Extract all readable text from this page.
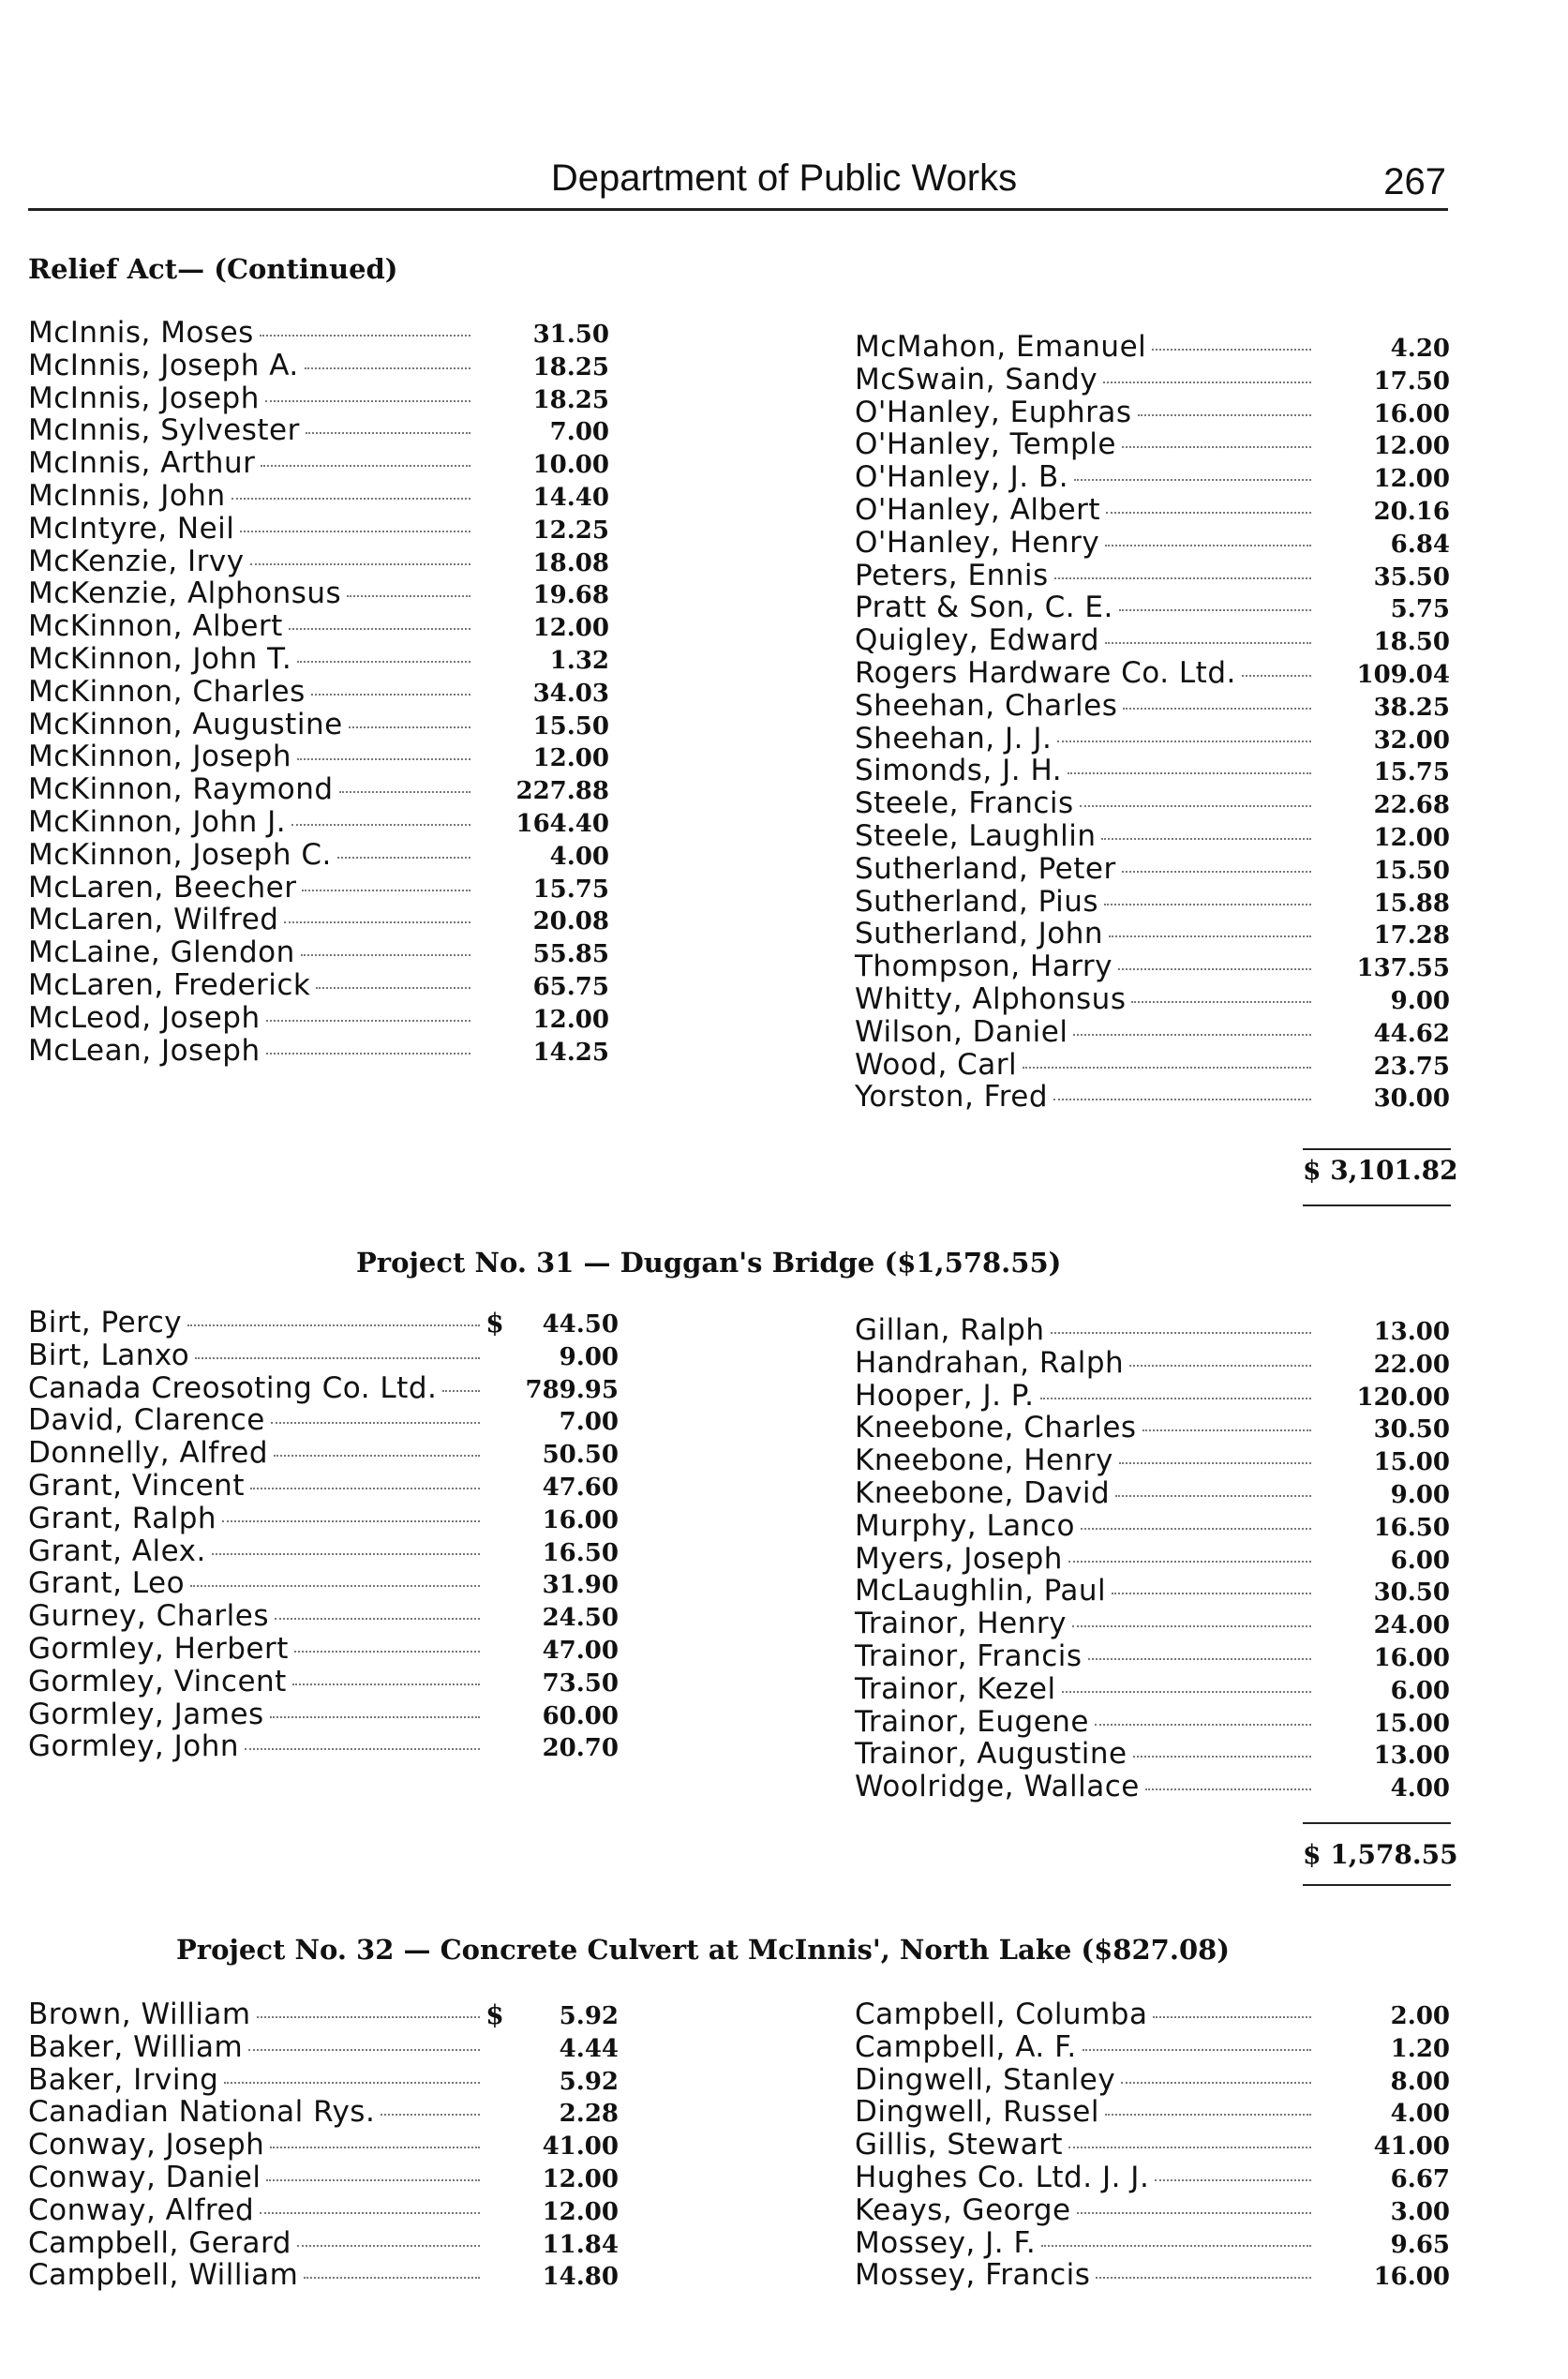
Department of Public Works	267
Relief Act— (Continued)
McInnis, Moses	31.50
McInnis, Joseph A.	18.25
McInnis, Joseph	18.25
McInnis, Sylvester	7.00
McInnis, Arthur	10.00
McInnis, John	14.40
McIntyre, Neil	12.25
McKenzie, Irvy	18.08
McKenzie, Alphonsus	19.68
McKinnon, Albert	12.00
McKinnon, John T.	1.32
McKinnon, Charles	34.03
McKinnon, Augustine	15.50
McKinnon, Joseph	12.00
McKinnon, Raymond	227.88
McKinnon, John J.	164.40
McKinnon, Joseph C.	4.00
McLaren, Beecher	15.75
McLaren, Wilfred	20.08
McLaine, Glendon	55.85
McLaren, Frederick	65.75
McLeod, Joseph	12.00
McLean, Joseph	14.25
McMahon, Emanuel	4.20
McSwain, Sandy	17.50
O'Hanley, Euphras	16.00
O'Hanley, Temple	12.00
O'Hanley, J. B.	12.00
O'Hanley, Albert	20.16
O'Hanley, Henry	6.84
Peters, Ennis	35.50
Pratt & Son, C. E.	5.75
Quigley, Edward	18.50
Rogers Hardware Co. Ltd.	109.04
Sheehan, Charles	38.25
Sheehan, J. J.	32.00
Simonds, J. H.	15.75
Steele, Francis	22.68
Steele, Laughlin	12.00
Sutherland, Peter	15.50
Sutherland, Pius	15.88
Sutherland, John	17.28
Thompson, Harry	137.55
Whitty, Alphonsus	9.00
Wilson, Daniel	44.62
Wood, Carl	23.75
Yorston, Fred	30.00
$ 3,101.82
Project No. 31 — Duggan's Bridge ($1,578.55)
Birt, Percy	$	44.50
Birt, Lanxo	9.00
Canada Creosoting Co. Ltd.	789.95
David, Clarence	7.00
Donnelly, Alfred	50.50
Grant, Vincent	47.60
Grant, Ralph	16.00
Grant, Alex.	16.50
Grant, Leo	31.90
Gurney, Charles	24.50
Gormley, Herbert	47.00
Gormley, Vincent	73.50
Gormley, James	60.00
Gormley, John	20.70
Gillan, Ralph	13.00
Handrahan, Ralph	22.00
Hooper, J. P.	120.00
Kneebone, Charles	30.50
Kneebone, Henry	15.00
Kneebone, David	9.00
Murphy, Lanco	16.50
Myers, Joseph	6.00
McLaughlin, Paul	30.50
Trainor, Henry	24.00
Trainor, Francis	16.00
Trainor, Kezel	6.00
Trainor, Eugene	15.00
Trainor, Augustine	13.00
Woolridge, Wallace	4.00
$ 1,578.55
Project No. 32 — Concrete Culvert at McInnis', North Lake ($827.08)
Brown, William	$	5.92
Baker, William	4.44
Baker, Irving	5.92
Canadian National Rys.	2.28
Conway, Joseph	41.00
Conway, Daniel	12.00
Conway, Alfred	12.00
Campbell, Gerard	11.84
Campbell, William	14.80
Campbell, Columba	2.00
Campbell, A. F.	1.20
Dingwell, Stanley	8.00
Dingwell, Russel	4.00
Gillis, Stewart	41.00
Hughes Co. Ltd. J. J.	6.67
Keays, George	3.00
Mossey, J. F.	9.65
Mossey, Francis	16.00
